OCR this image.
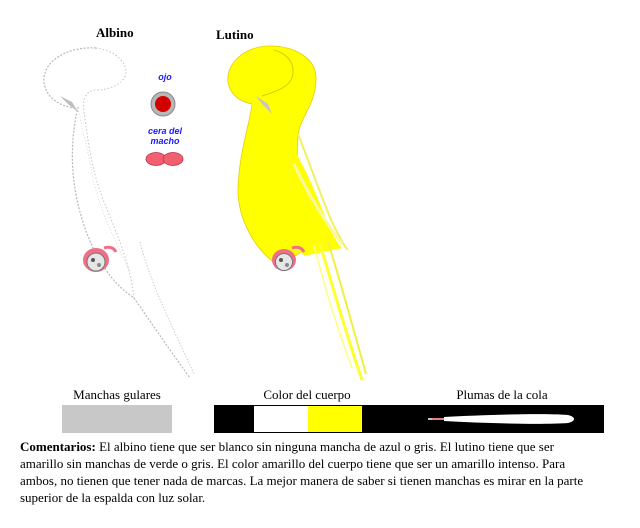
Albino	Lutino
ojo
cera del
macho
Manchas gulares	Color del cuerpo	Plumas de la cola
Comentarios: El albino tiene que ser blanco sin ninguna mancha de azul o gris. El lutino tiene que ser amarillo sin manchas de verde o gris. El color amarillo del cuerpo tiene que ser un amarillo intenso. Para ambos, no tienen que tener nada de marcas. La mejor manera de saber si tienen manchas es mirar en la parte superior de la espalda con luz solar.
